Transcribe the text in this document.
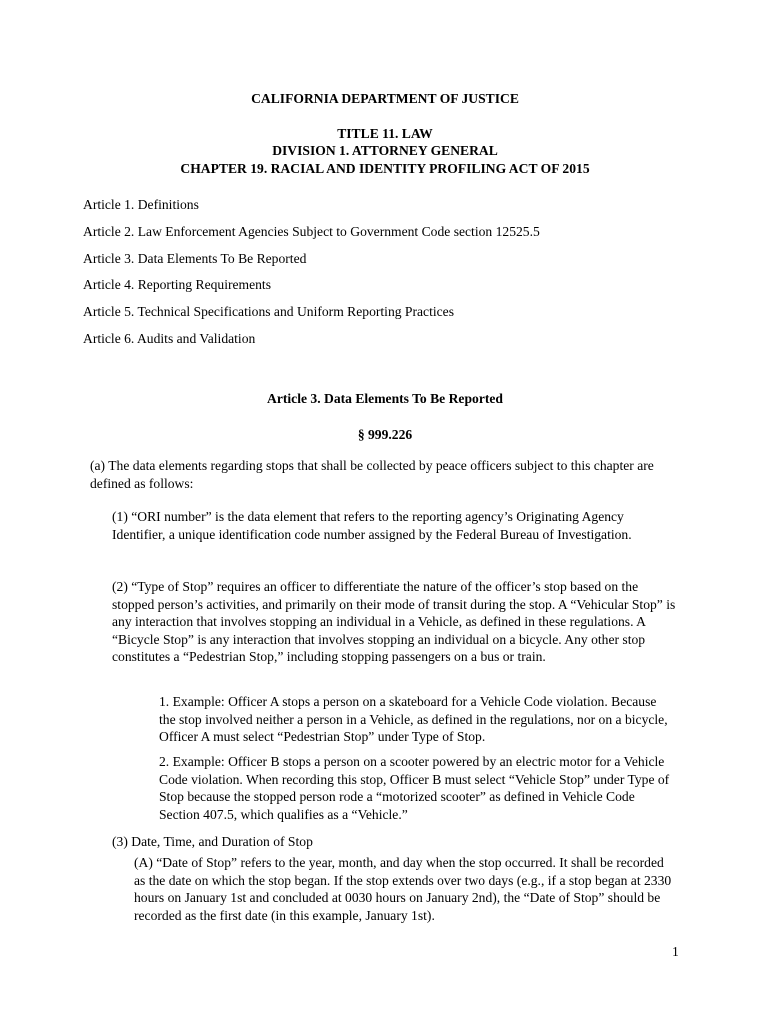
CALIFORNIA DEPARTMENT OF JUSTICE
TITLE 11. LAW
DIVISION 1. ATTORNEY GENERAL
CHAPTER 19. RACIAL AND IDENTITY PROFILING ACT OF 2015
Article 1. Definitions
Article 2. Law Enforcement Agencies Subject to Government Code section 12525.5
Article 3. Data Elements To Be Reported
Article 4. Reporting Requirements
Article 5. Technical Specifications and Uniform Reporting Practices
Article 6. Audits and Validation
Article 3. Data Elements To Be Reported
§ 999.226
(a) The data elements regarding stops that shall be collected by peace officers subject to this chapter are defined as follows:
(1) “ORI number” is the data element that refers to the reporting agency’s Originating Agency Identifier, a unique identification code number assigned by the Federal Bureau of Investigation.
(2) “Type of Stop” requires an officer to differentiate the nature of the officer’s stop based on the stopped person’s activities, and primarily on their mode of transit during the stop. A “Vehicular Stop” is any interaction that involves stopping an individual in a Vehicle, as defined in these regulations. A “Bicycle Stop” is any interaction that involves stopping an individual on a bicycle. Any other stop constitutes a “Pedestrian Stop,” including stopping passengers on a bus or train.
1. Example: Officer A stops a person on a skateboard for a Vehicle Code violation. Because the stop involved neither a person in a Vehicle, as defined in the regulations, nor on a bicycle, Officer A must select “Pedestrian Stop” under Type of Stop.
2. Example: Officer B stops a person on a scooter powered by an electric motor for a Vehicle Code violation. When recording this stop, Officer B must select “Vehicle Stop” under Type of Stop because the stopped person rode a “motorized scooter” as defined in Vehicle Code Section 407.5, which qualifies as a “Vehicle.”
(3) Date, Time, and Duration of Stop
(A) “Date of Stop” refers to the year, month, and day when the stop occurred. It shall be recorded as the date on which the stop began. If the stop extends over two days (e.g., if a stop began at 2330 hours on January 1st and concluded at 0030 hours on January 2nd), the “Date of Stop” should be recorded as the first date (in this example, January 1st).
1
